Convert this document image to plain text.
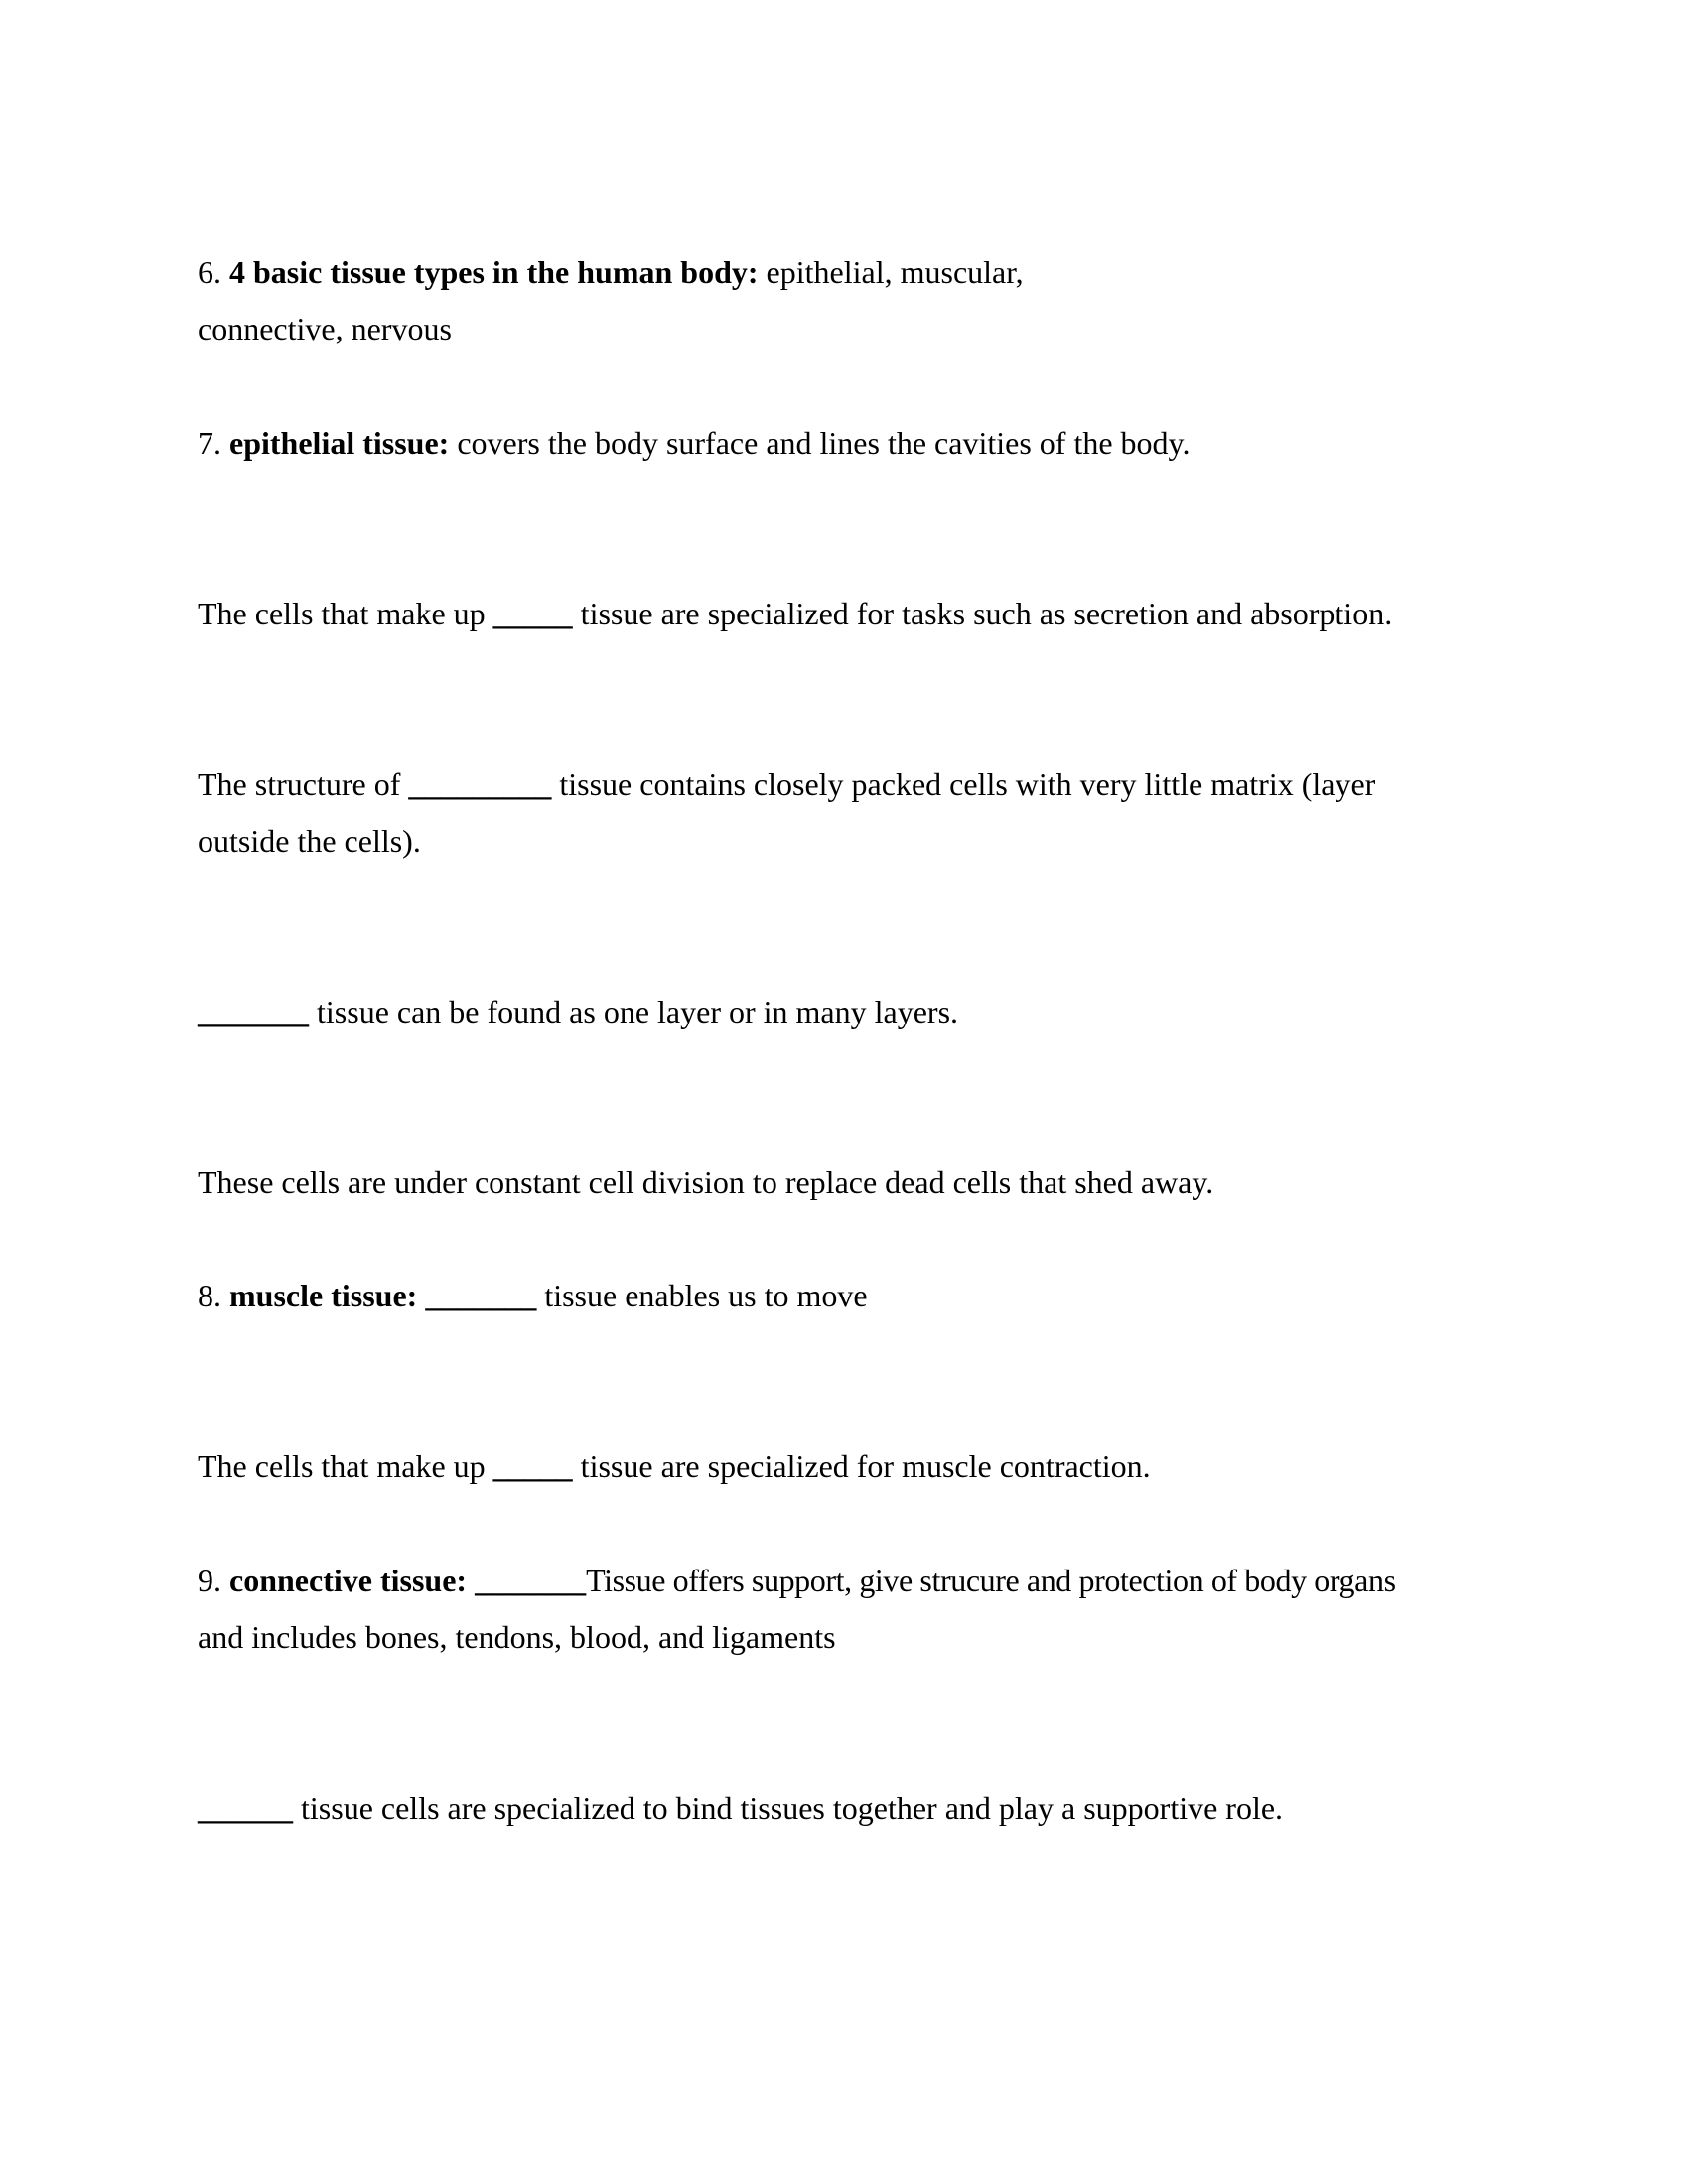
6. 4 basic tissue types in the human body: epithelial, muscular,
connective, nervous
7. epithelial tissue: covers the body surface and lines the cavities of the body.
The cells that make up _____ tissue are specialized for tasks such as secretion and absorption.
The structure of _________ tissue contains closely packed cells with very little matrix (layer
outside the cells).
_______ tissue can be found as one layer or in many layers.
These cells are under constant cell division to replace dead cells that shed away.
8. muscle tissue: _______ tissue enables us to move
The cells that make up _____ tissue are specialized for muscle contraction.
9. connective tissue: _______Tissue offers support, give strucure and protection of body organs
and includes bones, tendons, blood, and ligaments
______ tissue cells are specialized to bind tissues together and play a supportive role.
